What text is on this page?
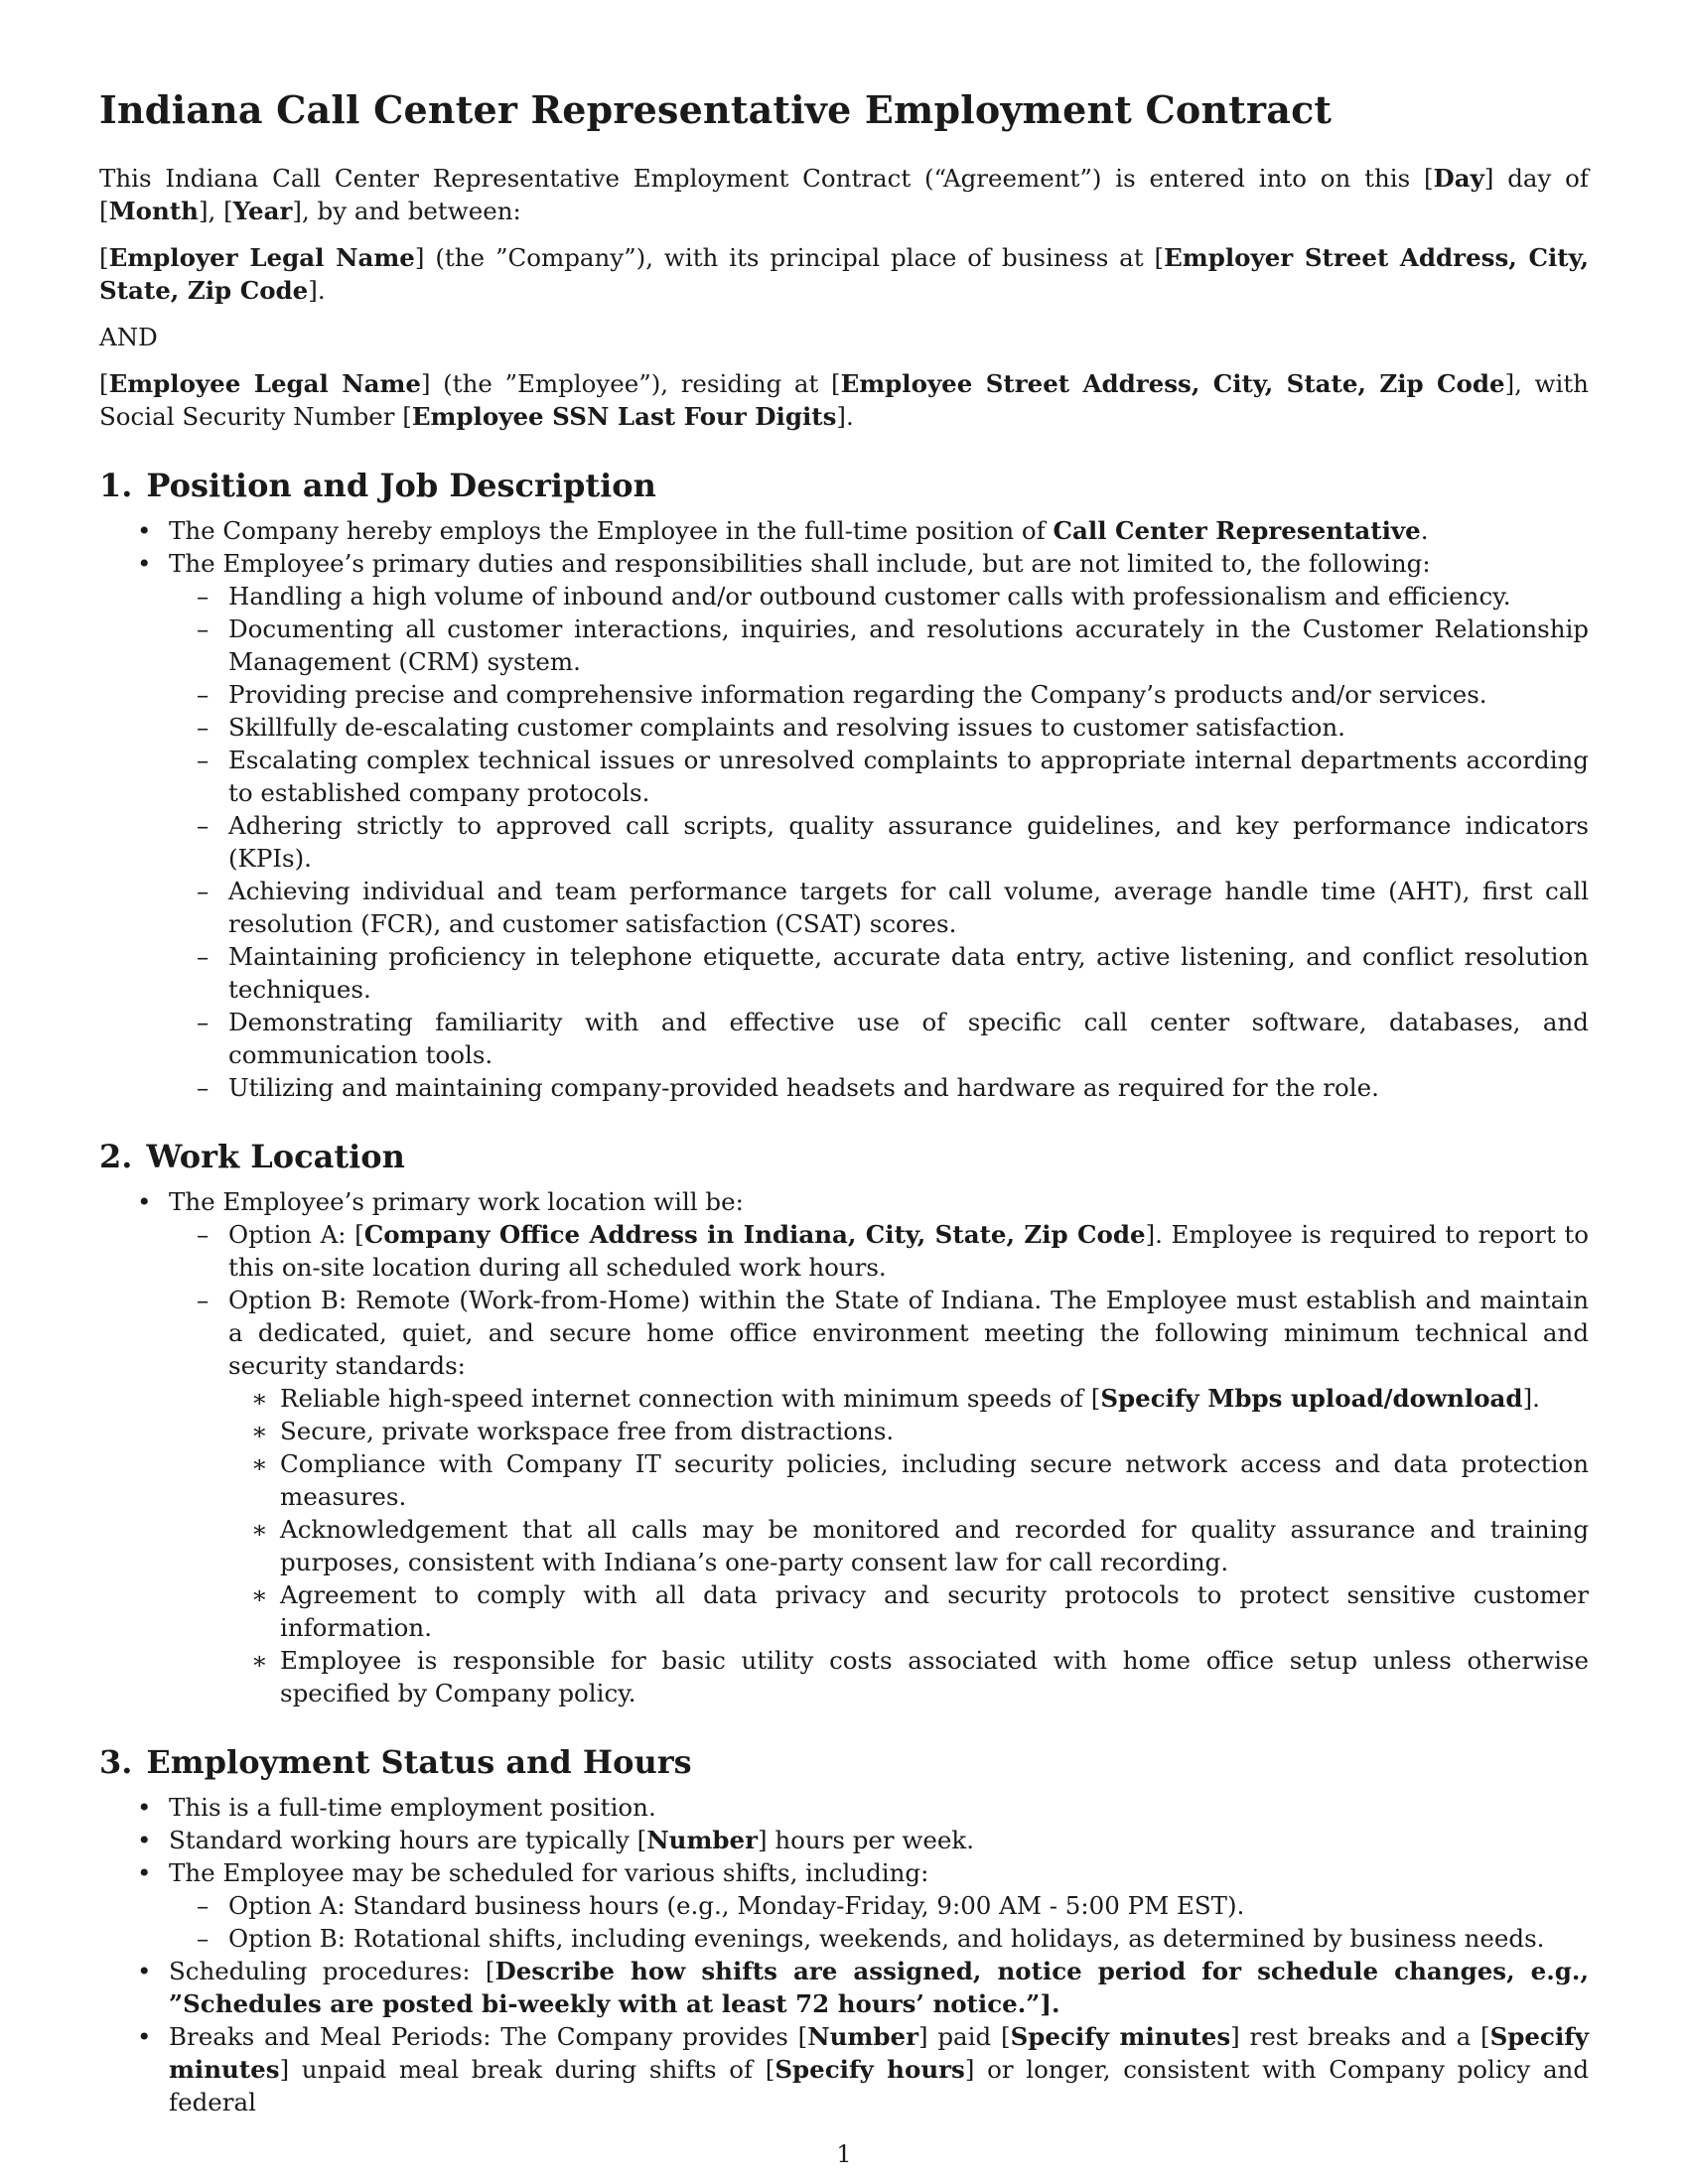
Indiana Call Center Representative Employment Contract

This Indiana Call Center Representative Employment Contract (“Agreement”) is entered into on this [Day] day of [Month], [Year], by and between:

[Employer Legal Name] (the ”Company”), with its principal place of business at [Employer Street Address, City, State, Zip Code].

AND

[Employee Legal Name] (the ”Employee”), residing at [Employee Street Address, City, State, Zip Code], with Social Security Number [Employee SSN Last Four Digits].

1. Position and Job Description
• The Company hereby employs the Employee in the full-time position of Call Center Representative.
• The Employee’s primary duties and responsibilities shall include, but are not limited to, the following:
– Handling a high volume of inbound and/or outbound customer calls with professionalism and efficiency.
– Documenting all customer interactions, inquiries, and resolutions accurately in the Customer Relationship Management (CRM) system.
– Providing precise and comprehensive information regarding the Company’s products and/or services.
– Skillfully de-escalating customer complaints and resolving issues to customer satisfaction.
– Escalating complex technical issues or unresolved complaints to appropriate internal departments according to established company protocols.
– Adhering strictly to approved call scripts, quality assurance guidelines, and key performance indicators (KPIs).
– Achieving individual and team performance targets for call volume, average handle time (AHT), first call resolution (FCR), and customer satisfaction (CSAT) scores.
– Maintaining proficiency in telephone etiquette, accurate data entry, active listening, and conflict resolution techniques.
– Demonstrating familiarity with and effective use of specific call center software, databases, and communication tools.
– Utilizing and maintaining company-provided headsets and hardware as required for the role.
2. Work Location
• The Employee’s primary work location will be:
– Option A: [Company Office Address in Indiana, City, State, Zip Code]. Employee is required to report to this on-site location during all scheduled work hours.
– Option B: Remote (Work-from-Home) within the State of Indiana. The Employee must establish and maintain a dedicated, quiet, and secure home office environment meeting the following minimum technical and security standards:
∗ Reliable high-speed internet connection with minimum speeds of [Specify Mbps upload/download].
∗ Secure, private workspace free from distractions.
∗ Compliance with Company IT security policies, including secure network access and data protection measures.
∗ Acknowledgement that all calls may be monitored and recorded for quality assurance and training purposes, consistent with Indiana’s one-party consent law for call recording.
∗ Agreement to comply with all data privacy and security protocols to protect sensitive customer information.
∗ Employee is responsible for basic utility costs associated with home office setup unless otherwise specified by Company policy.
3. Employment Status and Hours
• This is a full-time employment position.
• Standard working hours are typically [Number] hours per week.
• The Employee may be scheduled for various shifts, including:
– Option A: Standard business hours (e.g., Monday-Friday, 9:00 AM - 5:00 PM EST).
– Option B: Rotational shifts, including evenings, weekends, and holidays, as determined by business needs.
• Scheduling procedures: [Describe how shifts are assigned, notice period for schedule changes, e.g., ”Schedules are posted bi-weekly with at least 72 hours’ notice.”].
• Breaks and Meal Periods: The Company provides [Number] paid [Specify minutes] rest breaks and a [Specify minutes] unpaid meal break during shifts of [Specify hours] or longer, consistent with Company policy and federal
1
